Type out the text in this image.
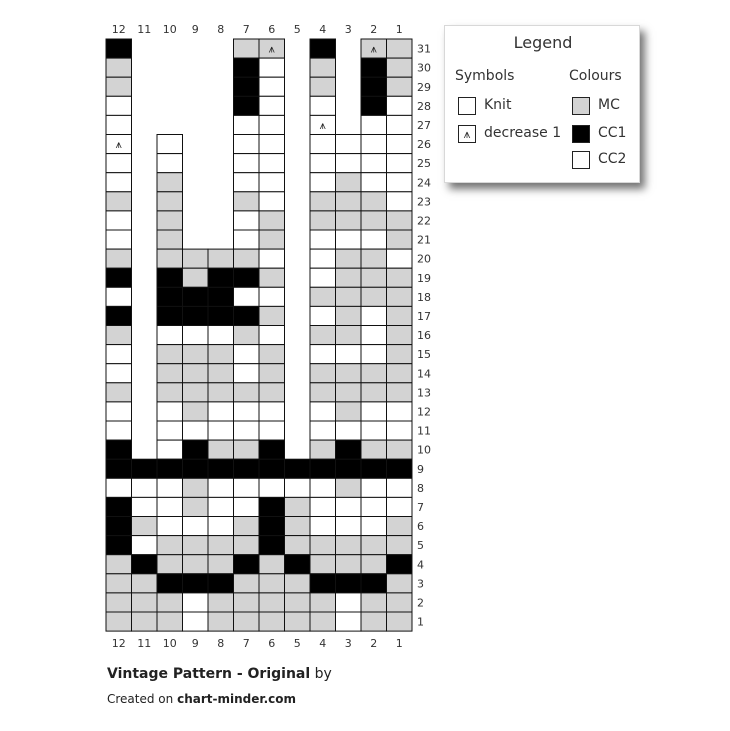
⩚	⩚
⩚
⩚
12 11 10 9 8 7 6 5 4 3 2 1
12 11 10 9 8 7 6 5 4 3 2 1
31
30
29
28
27
26
25
24
23
22
21
20
19
18
17
16
15
14
13
12
11
10
9
8
7
6
5
4
3
2
1
Legend
Symbols	Colours
Knit
⩚ decrease 1
MC
CC1
CC2
Vintage Pattern - Original by
Created on chart-minder.com
